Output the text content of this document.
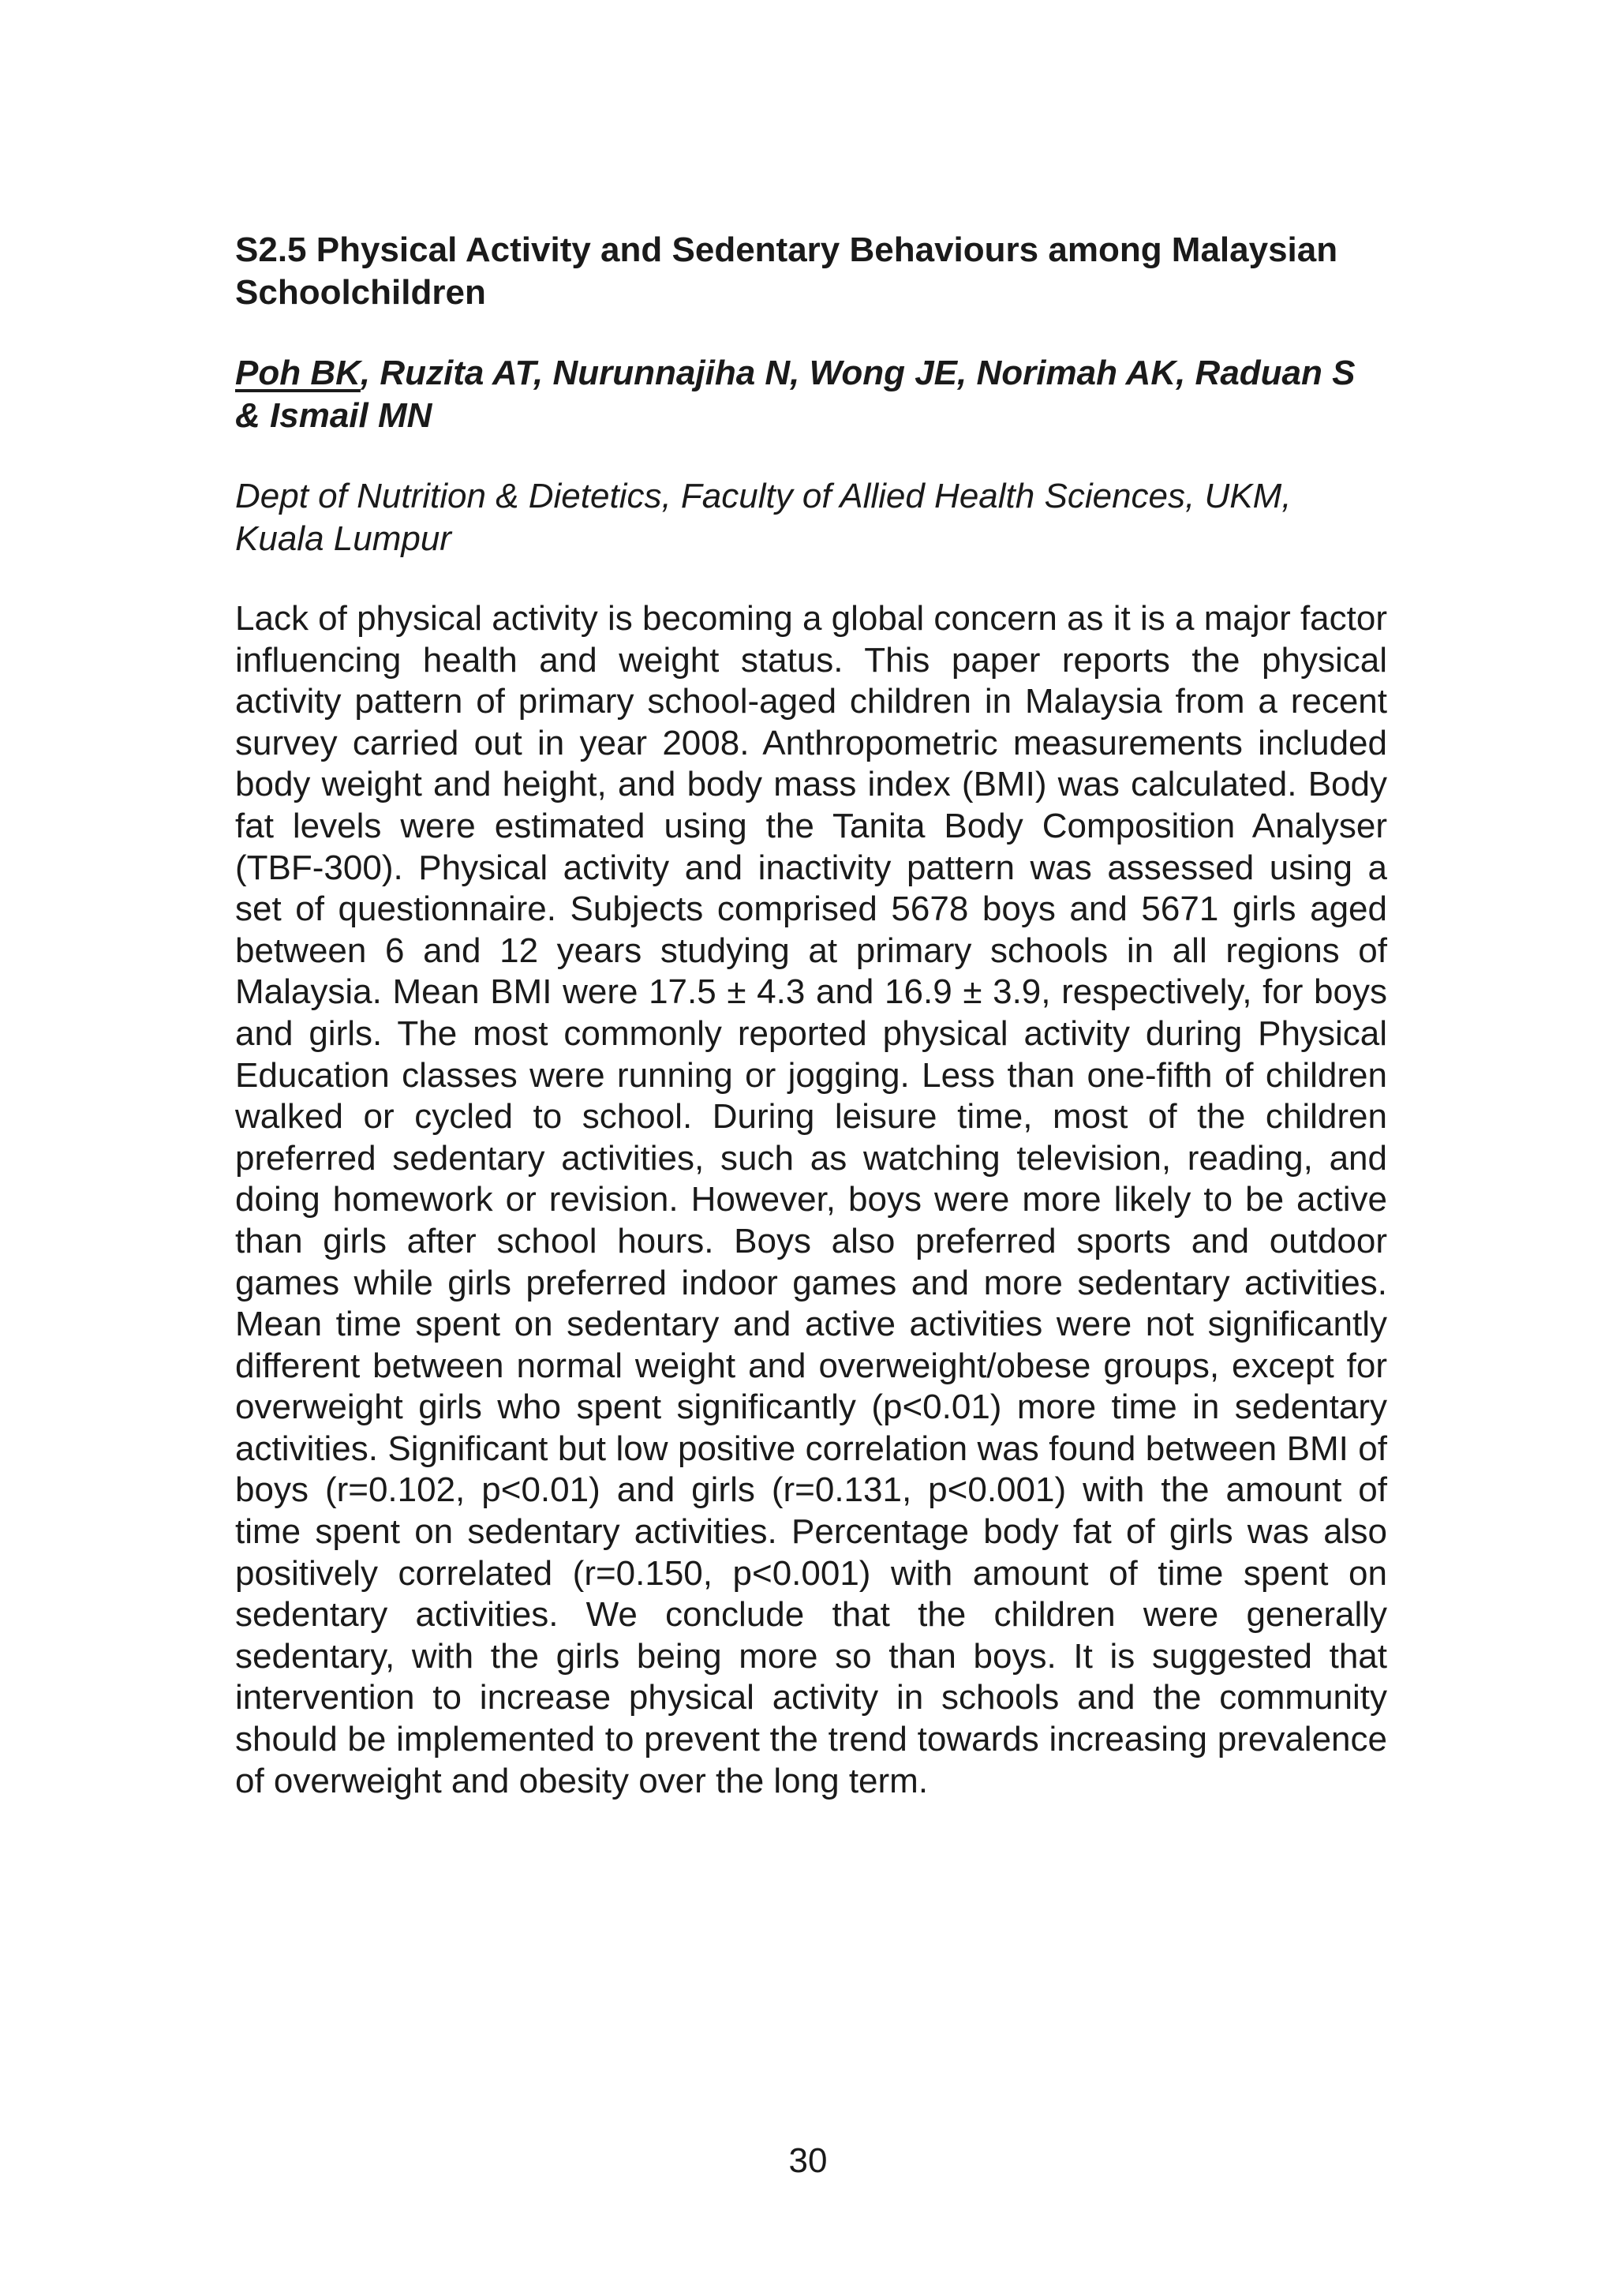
S2.5 Physical Activity and Sedentary Behaviours among Malaysian Schoolchildren
Poh BK, Ruzita AT, Nurunnajiha N, Wong JE, Norimah AK, Raduan S & Ismail MN
Dept of Nutrition & Dietetics, Faculty of Allied Health Sciences, UKM, Kuala Lumpur

Lack of physical activity is becoming a global concern as it is a major factor influencing health and weight status. This paper reports the physical activity pattern of primary school-aged children in Malaysia from a recent survey carried out in year 2008. Anthropometric measurements included body weight and height, and body mass index (BMI) was calculated. Body fat levels were estimated using the Tanita Body Composition Analyser (TBF-300). Physical activity and inactivity pattern was assessed using a set of questionnaire. Subjects comprised 5678 boys and 5671 girls aged between 6 and 12 years studying at primary schools in all regions of Malaysia. Mean BMI were 17.5 ± 4.3 and 16.9 ± 3.9, respectively, for boys and girls. The most commonly reported physical activity during Physical Education classes were running or jogging. Less than one-fifth of children walked or cycled to school. During leisure time, most of the children preferred sedentary activities, such as watching television, reading, and doing homework or revision. However, boys were more likely to be active than girls after school hours. Boys also preferred sports and outdoor games while girls preferred indoor games and more sedentary activities. Mean time spent on sedentary and active activities were not significantly different between normal weight and overweight/obese groups, except for overweight girls who spent significantly (p<0.01) more time in sedentary activities. Significant but low positive correlation was found between BMI of boys (r=0.102, p<0.01) and girls (r=0.131, p<0.001) with the amount of time spent on sedentary activities. Percentage body fat of girls was also positively correlated (r=0.150, p<0.001) with amount of time spent on sedentary activities. We conclude that the children were generally sedentary, with the girls being more so than boys. It is suggested that intervention to increase physical activity in schools and the community should be implemented to prevent the trend towards increasing prevalence of overweight and obesity over the long term.

30
